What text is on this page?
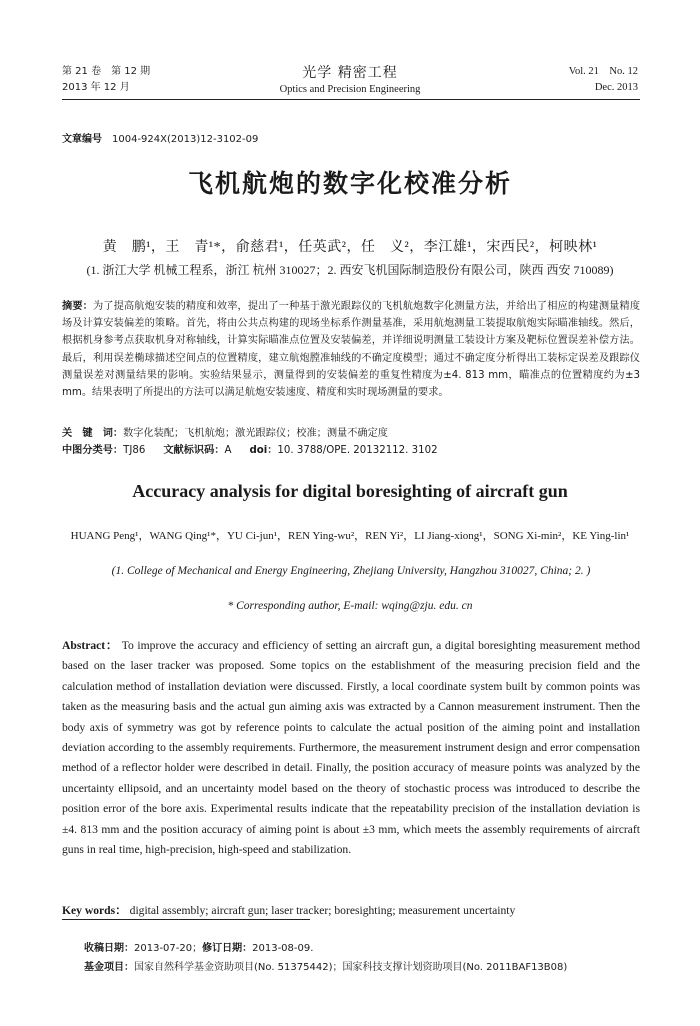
第 21 卷　第 12 期
2013 年 12 月
光学 精密工程
Optics and Precision Engineering
Vol. 21　No. 12
Dec. 2013
文章编号 1004-924X(2013)12-3102-09
飞机航炮的数字化校准分析
黄　鹏¹，王　青¹*，俞慈君¹，任英武²，任　义²，李江雄¹，宋西民²，柯映林¹
(1. 浙江大学 机械工程系，浙江 杭州 310027；2. 西安飞机国际制造股份有限公司，陕西 西安 710089)
摘要：为了提高航炮安装的精度和效率，提出了一种基于激光跟踪仪的飞机航炮数字化测量方法，并给出了相应的构建测量精度场及计算安装偏差的策略。首先，将由公共点构建的现场坐标系作测量基准，采用航炮测量工装提取航炮实际瞄准轴线。然后，根据机身参考点获取机身对称轴线，计算实际瞄准点位置及安装偏差，并详细说明测量工装设计方案及靶标位置误差补偿方法。最后，利用误差椭球描述空间点的位置精度，建立航炮膛准轴线的不确定度模型；通过不确定度分析得出工装标定误差及跟踪仪测量误差对测量结果的影响。实验结果显示，测量得到的安装偏差的重复性精度为±4. 813 mm，瞄准点的位置精度约为±3 mm。结果表明了所提出的方法可以满足航炮安装速度、精度和实时现场测量的要求。
关　键　词：数字化装配；飞机航炮；激光跟踪仪；校准；测量不确定度
中图分类号：TJ86 文献标识码：A doi：10. 3788/OPE. 20132112. 3102
Accuracy analysis for digital boresighting of aircraft gun
HUANG Peng¹，WANG Qing¹*，YU Ci-jun¹，REN Ying-wu²，REN Yi²，LI Jiang-xiong¹，SONG Xi-min²，KE Ying-lin¹
(1. College of Mechanical and Energy Engineering, Zhejiang University, Hangzhou 310027, China; 2. )
* Corresponding author, E-mail: wqing@zju. edu. cn
Abstract： To improve the accuracy and efficiency of setting an aircraft gun, a digital boresighting measurement method based on the laser tracker was proposed. Some topics on the establishment of the measuring precision field and the calculation method of installation deviation were discussed. Firstly, a local coordinate system built by common points was taken as the measuring basis and the actual gun aiming axis was extracted by a Cannon measurement instrument. Then the body axis of symmetry was got by reference points to calculate the actual position of the aiming point and installation deviation according to the assembly requirements. Furthermore, the measurement instrument design and error compensation method of a reflector holder were described in detail. Finally, the position accuracy of measure points was analyzed by the uncertainty ellipsoid, and an uncertainty model based on the theory of stochastic process was introduced to describe the position error of the bore axis. Experimental results indicate that the repeatability precision of the installation deviation is ±4. 813 mm and the position accuracy of aiming point is about ±3 mm, which meets the assembly requirements of aircraft guns in real time, high-precision, high-speed and stabilization.
Key words： digital assembly; aircraft gun; laser tracker; boresighting; measurement uncertainty
收稿日期：2013-07-20；修订日期：2013-08-09.
基金项目：国家自然科学基金资助项目(No. 51375442)；国家科技支撑计划资助项目(No. 2011BAF13B08)
